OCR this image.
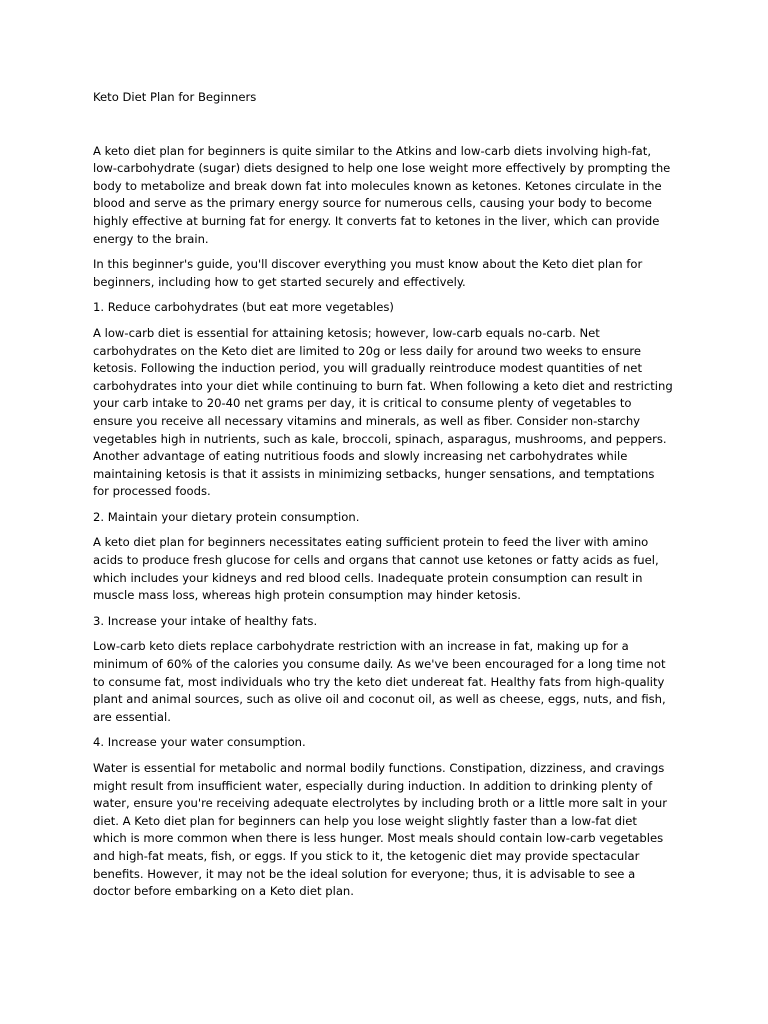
Keto Diet Plan for Beginners

A keto diet plan for beginners is quite similar to the Atkins and low-carb diets involving high-fat, low-carbohydrate (sugar) diets designed to help one lose weight more effectively by prompting the body to metabolize and break down fat into molecules known as ketones. Ketones circulate in the blood and serve as the primary energy source for numerous cells, causing your body to become highly effective at burning fat for energy. It converts fat to ketones in the liver, which can provide energy to the brain.

In this beginner's guide, you'll discover everything you must know about the Keto diet plan for beginners, including how to get started securely and effectively.

1. Reduce carbohydrates (but eat more vegetables)

A low-carb diet is essential for attaining ketosis; however, low-carb equals no-carb. Net carbohydrates on the Keto diet are limited to 20g or less daily for around two weeks to ensure ketosis. Following the induction period, you will gradually reintroduce modest quantities of net carbohydrates into your diet while continuing to burn fat. When following a keto diet and restricting your carb intake to 20-40 net grams per day, it is critical to consume plenty of vegetables to ensure you receive all necessary vitamins and minerals, as well as fiber. Consider non-starchy vegetables high in nutrients, such as kale, broccoli, spinach, asparagus, mushrooms, and peppers. Another advantage of eating nutritious foods and slowly increasing net carbohydrates while maintaining ketosis is that it assists in minimizing setbacks, hunger sensations, and temptations for processed foods.

2. Maintain your dietary protein consumption.

A keto diet plan for beginners necessitates eating sufficient protein to feed the liver with amino acids to produce fresh glucose for cells and organs that cannot use ketones or fatty acids as fuel, which includes your kidneys and red blood cells. Inadequate protein consumption can result in muscle mass loss, whereas high protein consumption may hinder ketosis.

3. Increase your intake of healthy fats.

Low-carb keto diets replace carbohydrate restriction with an increase in fat, making up for a minimum of 60% of the calories you consume daily. As we've been encouraged for a long time not to consume fat, most individuals who try the keto diet undereat fat. Healthy fats from high-quality plant and animal sources, such as olive oil and coconut oil, as well as cheese, eggs, nuts, and fish, are essential.

4. Increase your water consumption.

Water is essential for metabolic and normal bodily functions. Constipation, dizziness, and cravings might result from insufficient water, especially during induction. In addition to drinking plenty of water, ensure you're receiving adequate electrolytes by including broth or a little more salt in your diet. A Keto diet plan for beginners can help you lose weight slightly faster than a low-fat diet which is more common when there is less hunger. Most meals should contain low-carb vegetables and high-fat meats, fish, or eggs. If you stick to it, the ketogenic diet may provide spectacular benefits. However, it may not be the ideal solution for everyone; thus, it is advisable to see a doctor before embarking on a Keto diet plan.
